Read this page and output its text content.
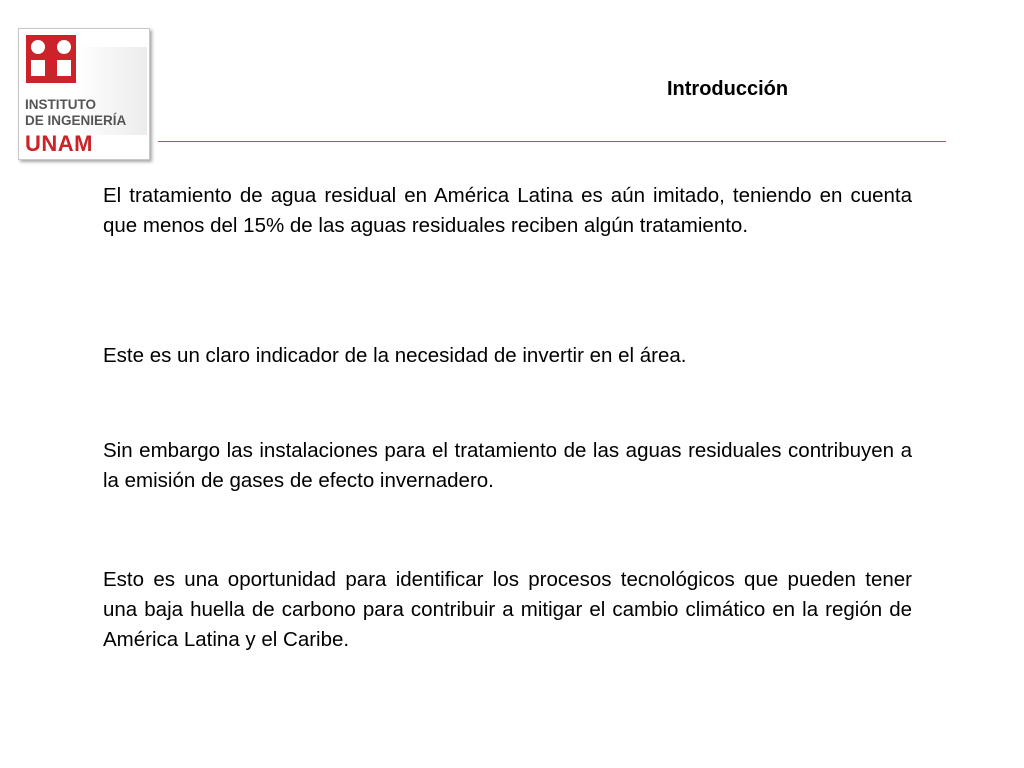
INSTITUTO
DE INGENIERÍA
UNAM
Introducción
El tratamiento de agua residual en América Latina es aún imitado, teniendo en cuenta que menos del 15% de las aguas residuales reciben algún tratamiento.
Este es un claro indicador de la necesidad de invertir en el área.
Sin embargo las instalaciones para el tratamiento de las aguas residuales contribuyen a la emisión de gases de efecto invernadero.
Esto es una oportunidad para identificar los procesos tecnológicos que pueden tener una baja huella de carbono para contribuir a mitigar el cambio climático en la región de América Latina y el Caribe.
